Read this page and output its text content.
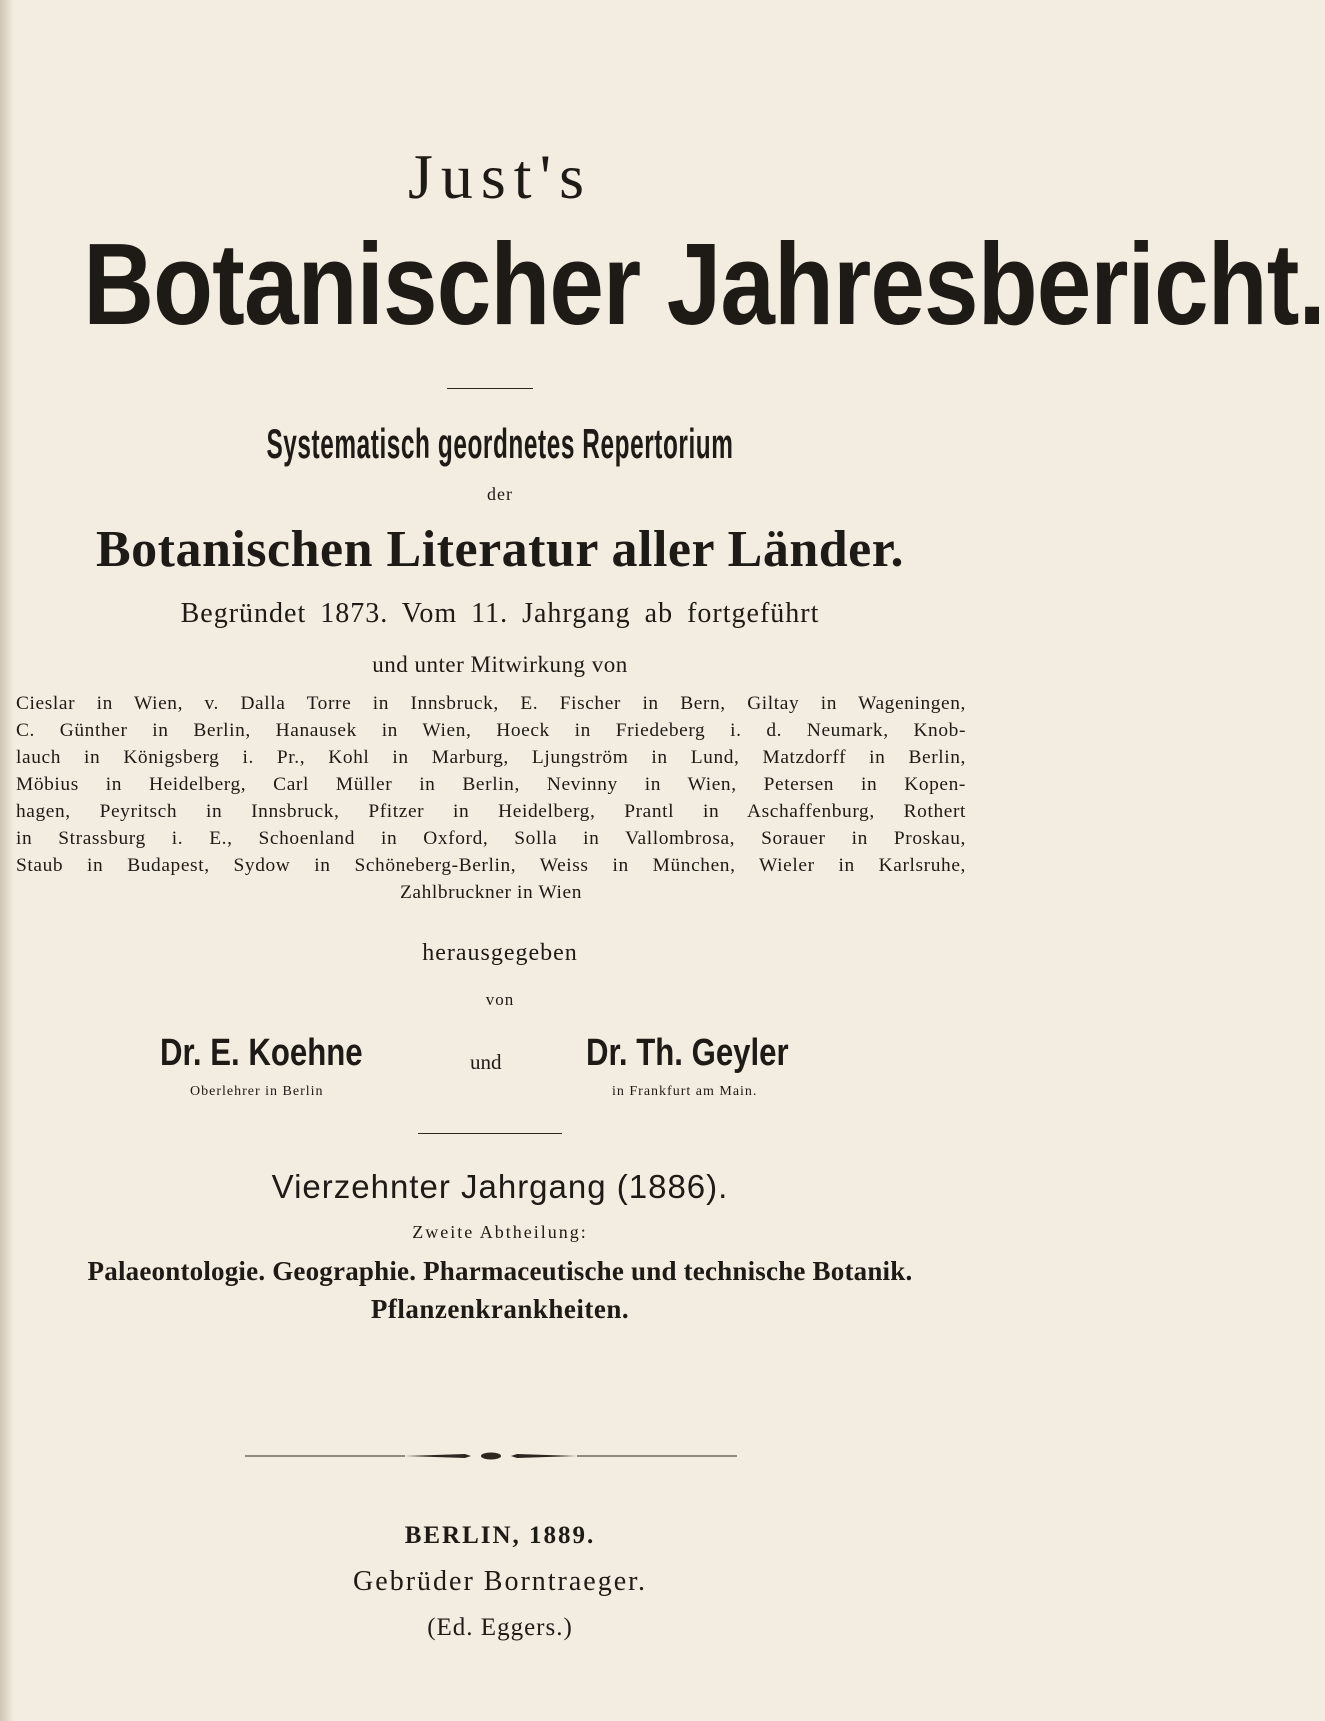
Just's
Botanischer Jahresbericht.
Systematisch geordnetes Repertorium
der
Botanischen Literatur aller Länder.
Begründet 1873. Vom 11. Jahrgang ab fortgeführt
und unter Mitwirkung von
Cieslar in Wien, v. Dalla Torre in Innsbruck, E. Fischer in Bern, Giltay in Wageningen,
C. Günther in Berlin, Hanausek in Wien, Hoeck in Friedeberg i. d. Neumark, Knob-
lauch in Königsberg i. Pr., Kohl in Marburg, Ljungström in Lund, Matzdorff in Berlin,
Möbius in Heidelberg, Carl Müller in Berlin, Nevinny in Wien, Petersen in Kopen-
hagen, Peyritsch in Innsbruck, Pfitzer in Heidelberg, Prantl in Aschaffenburg, Rothert
in Strassburg i. E., Schoenland in Oxford, Solla in Vallombrosa, Sorauer in Proskau,
Staub in Budapest, Sydow in Schöneberg-Berlin, Weiss in München, Wieler in Karlsruhe,
Zahlbruckner in Wien
herausgegeben
von
Dr. E. Koehne	und Dr. Th. Geyler
Oberlehrer in Berlin	in Frankfurt am Main.
Vierzehnter Jahrgang (1886).
Zweite Abtheilung:
Palaeontologie. Geographie. Pharmaceutische und technische Botanik.
Pflanzenkrankheiten.
BERLIN, 1889.
Gebrüder Borntraeger.
(Ed. Eggers.)
